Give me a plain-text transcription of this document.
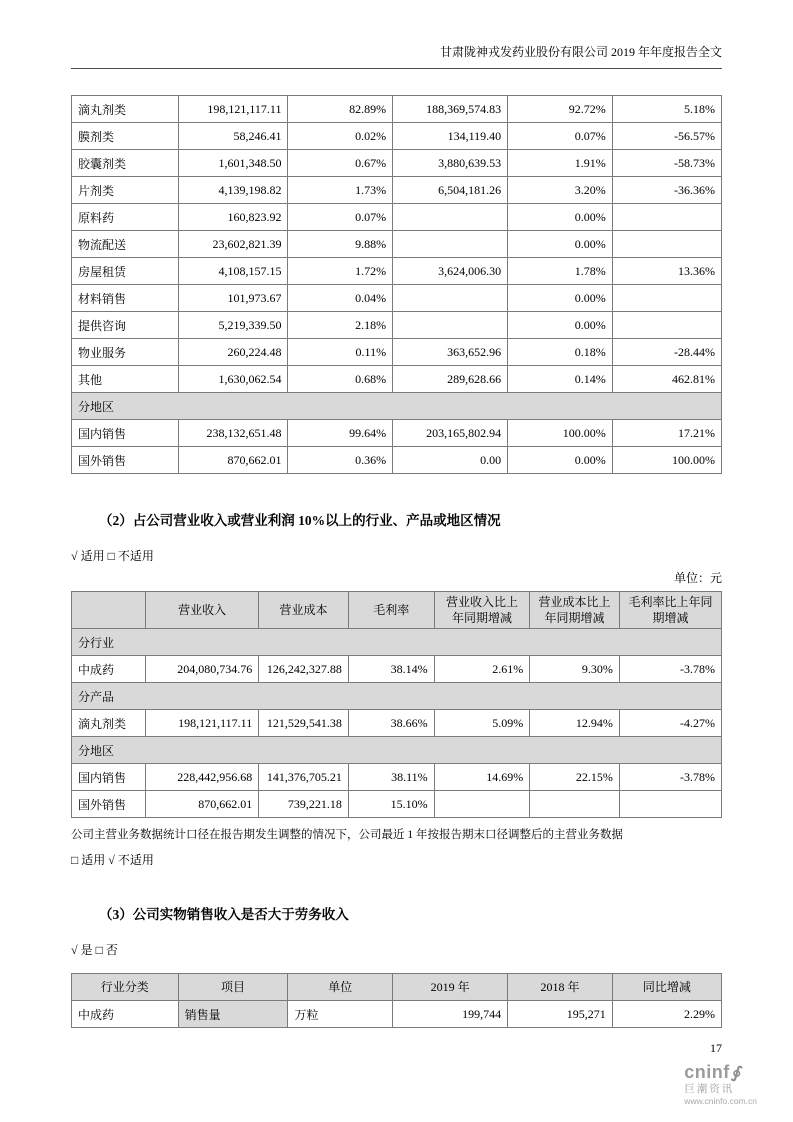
甘肃陇神戎发药业股份有限公司 2019 年年度报告全文
滴丸剂类	198,121,117.11	82.89%	188,369,574.83	92.72%	5.18%
膜剂类	58,246.41	0.02%	134,119.40	0.07%	-56.57%
胶囊剂类	1,601,348.50	0.67%	3,880,639.53	1.91%	-58.73%
片剂类	4,139,198.82	1.73%	6,504,181.26	3.20%	-36.36%
原料药	160,823.92	0.07%		0.00%	
物流配送	23,602,821.39	9.88%		0.00%	
房屋租赁	4,108,157.15	1.72%	3,624,006.30	1.78%	13.36%
材料销售	101,973.67	0.04%		0.00%	
提供咨询	5,219,339.50	2.18%		0.00%	
物业服务	260,224.48	0.11%	363,652.96	0.18%	-28.44%
其他	1,630,062.54	0.68%	289,628.66	0.14%	462.81%
分地区					
国内销售	238,132,651.48	99.64%	203,165,802.94	100.00%	17.21%
国外销售	870,662.01	0.36%	0.00	0.00%	100.00%
（2）占公司营业收入或营业利润 10%以上的行业、产品或地区情况
√ 适用 □ 不适用
单位：元
	营业收入	营业成本	毛利率	营业收入比上年同期增减	营业成本比上年同期增减	毛利率比上年同期增减
分行业						
中成药	204,080,734.76	126,242,327.88	38.14%	2.61%	9.30%	-3.78%
分产品						
滴丸剂类	198,121,117.11	121,529,541.38	38.66%	5.09%	12.94%	-4.27%
分地区						
国内销售	228,442,956.68	141,376,705.21	38.11%	14.69%	22.15%	-3.78%
国外销售	870,662.01	739,221.18	15.10%			
公司主营业务数据统计口径在报告期发生调整的情况下，公司最近 1 年按报告期末口径调整后的主营业务数据
□ 适用 √ 不适用
（3）公司实物销售收入是否大于劳务收入
√ 是 □ 否
行业分类	项目	单位	2019 年	2018 年	同比增减
中成药	销售量	万粒	199,744	195,271	2.29%
17
cninf ∮
巨潮资讯
www.cninfo.com.cn
